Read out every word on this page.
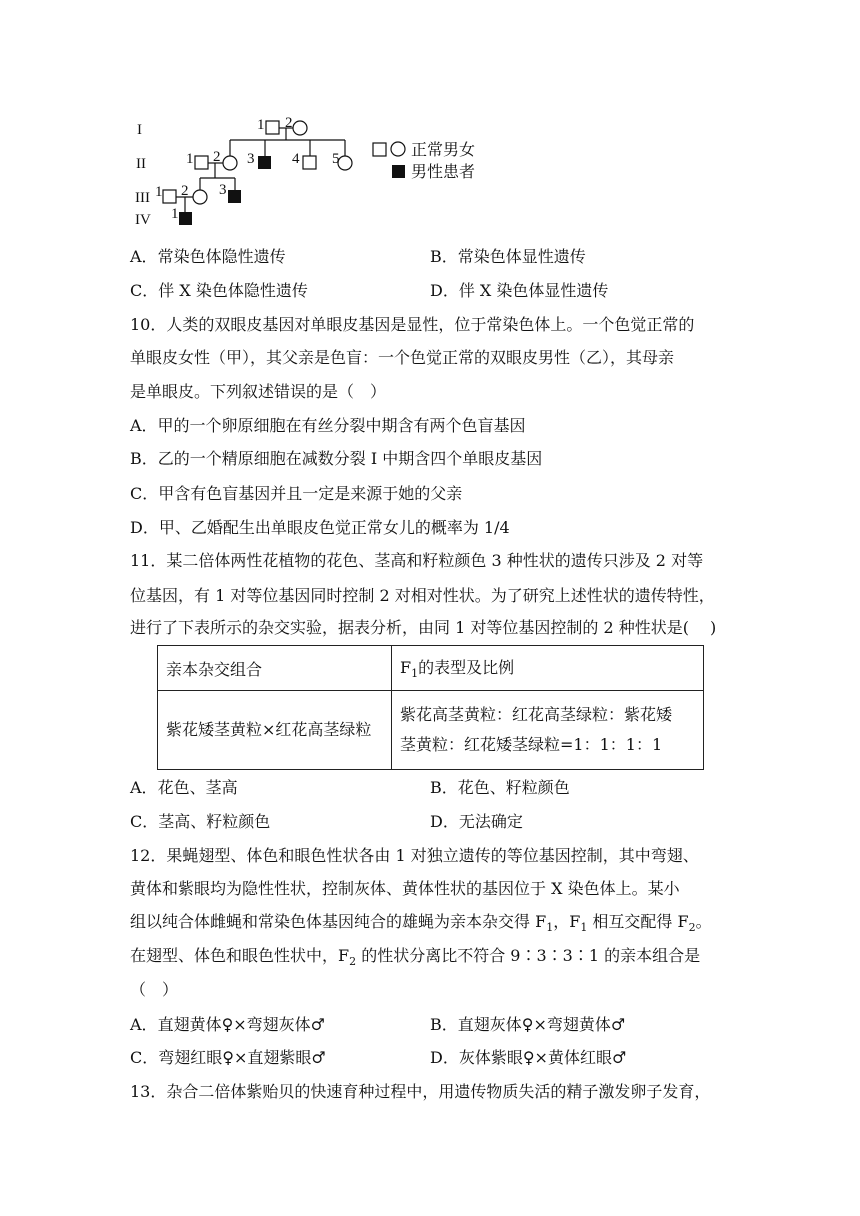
I
II
III
IV
1 2
1 2 3	4 5
1 2 3
1
正常男女
男性患者
A．常染色体隐性遗传	B．常染色体显性遗传
C．伴 X 染色体隐性遗传	D．伴 X 染色体显性遗传
10．人类的双眼皮基因对单眼皮基因是显性，位于常染色体上。一个色觉正常的
单眼皮女性（甲），其父亲是色盲：一个色觉正常的双眼皮男性（乙），其母亲
是单眼皮。下列叙述错误的是（　）
A．甲的一个卵原细胞在有丝分裂中期含有两个色盲基因
B．乙的一个精原细胞在减数分裂 I 中期含四个单眼皮基因
C．甲含有色盲基因并且一定是来源于她的父亲
D．甲、乙婚配生出单眼皮色觉正常女儿的概率为 1/4
11．某二倍体两性花植物的花色、茎高和籽粒颜色 3 种性状的遗传只涉及 2 对等
位基因，有 1 对等位基因同时控制 2 对相对性状。为了研究上述性状的遗传特性，
进行了下表所示的杂交实验，据表分析，由同 1 对等位基因控制的 2 种性状是(　 )
亲本杂交组合	$F_1$的表型及比例
紫花矮茎黄粒×红花高茎绿粒	紫花高茎黄粒：红花高茎绿粒：紫花矮
茎黄粒：红花矮茎绿粒=1：1：1：1
A．花色、茎高	B．花色、籽粒颜色
C．茎高、籽粒颜色	D．无法确定
12．果蝇翅型、体色和眼色性状各由 1 对独立遗传的等位基因控制，其中弯翅、
黄体和紫眼均为隐性性状，控制灰体、黄体性状的基因位于 X 染色体上。某小
组以纯合体雌蝇和常染色体基因纯合的雄蝇为亲本杂交得 $F_1$，$F_1$ 相互交配得 $F_2$。
在翅型、体色和眼色性状中，$F_2$ 的性状分离比不符合 9∶3∶3∶1 的亲本组合是
（　）
A．直翅黄体♀×弯翅灰体♂	B．直翅灰体♀×弯翅黄体♂
C．弯翅红眼♀×直翅紫眼♂	D．灰体紫眼♀×黄体红眼♂
13．杂合二倍体紫贻贝的快速育种过程中，用遗传物质失活的精子激发卵子发育，
